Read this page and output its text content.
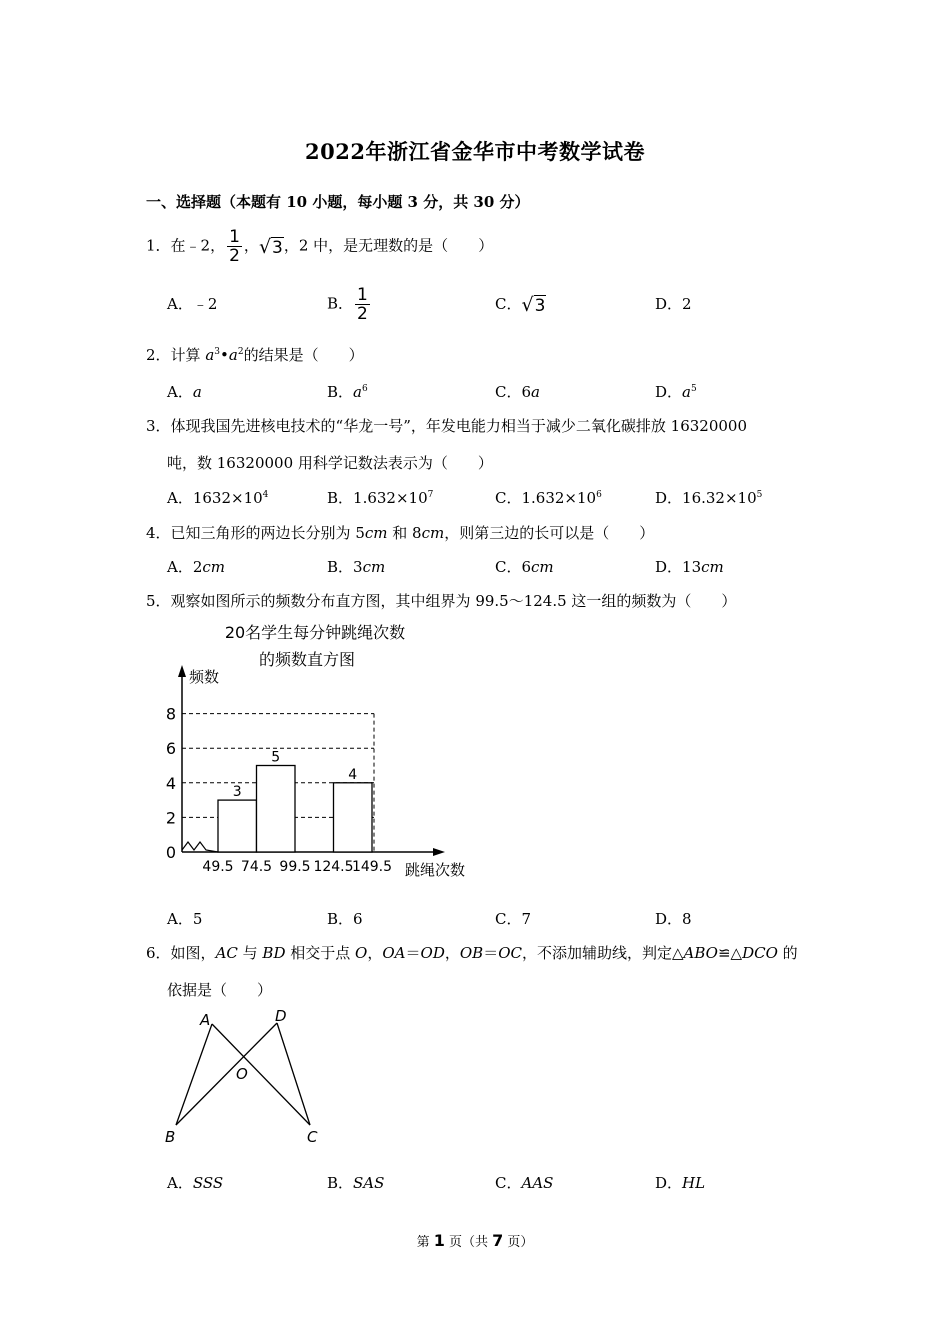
2022年浙江省金华市中考数学试卷
一、选择题（本题有 10 小题，每小题 3 分，共 30 分）
1．在﹣2， $\frac{1}{2}$ ，√3，2 中，是无理数的是（　　）
A．﹣2	B． $\frac{1}{2}$	C．√3	D．2
2．计算 $a^3•a^2$的结果是（　　）
A．a	B．$a^6$	C．6a	D．$a^5$
3．体现我国先进核电技术的“华龙一号”，年发电能力相当于减少二氧化碳排放 16320000
吨，数 16320000 用科学记数法表示为（　　）
A．$1632\times 10^4$	B．$1.632\times 10^7$	C．$1.632\times 10^6$	D．$16.32\times 10^5$
4．已知三角形的两边长分别为 5cm 和 8cm，则第三边的长可以是（　　）
A．2cm	B．3cm	C．6cm	D．13cm
5．观察如图所示的频数分布直方图，其中组界为 99.5～124.5 这一组的频数为（　　）
20名学生每分钟跳绳次数
的频数直方图
频数
跳绳次数
0
2
4
6
8
49.5 74.5 99.5 124.5
149.5
3
5
4
A．5	B．6	C．7	D．8
6．如图，AC 与 BD 相交于点 O，OA＝OD，OB＝OC，不添加辅助线，判定△ABO≌△DCO 的
依据是（　　）
A	D
O
B	C
A．SSS	B．SAS	C．AAS	D．HL
第 1 页（共 7 页）
